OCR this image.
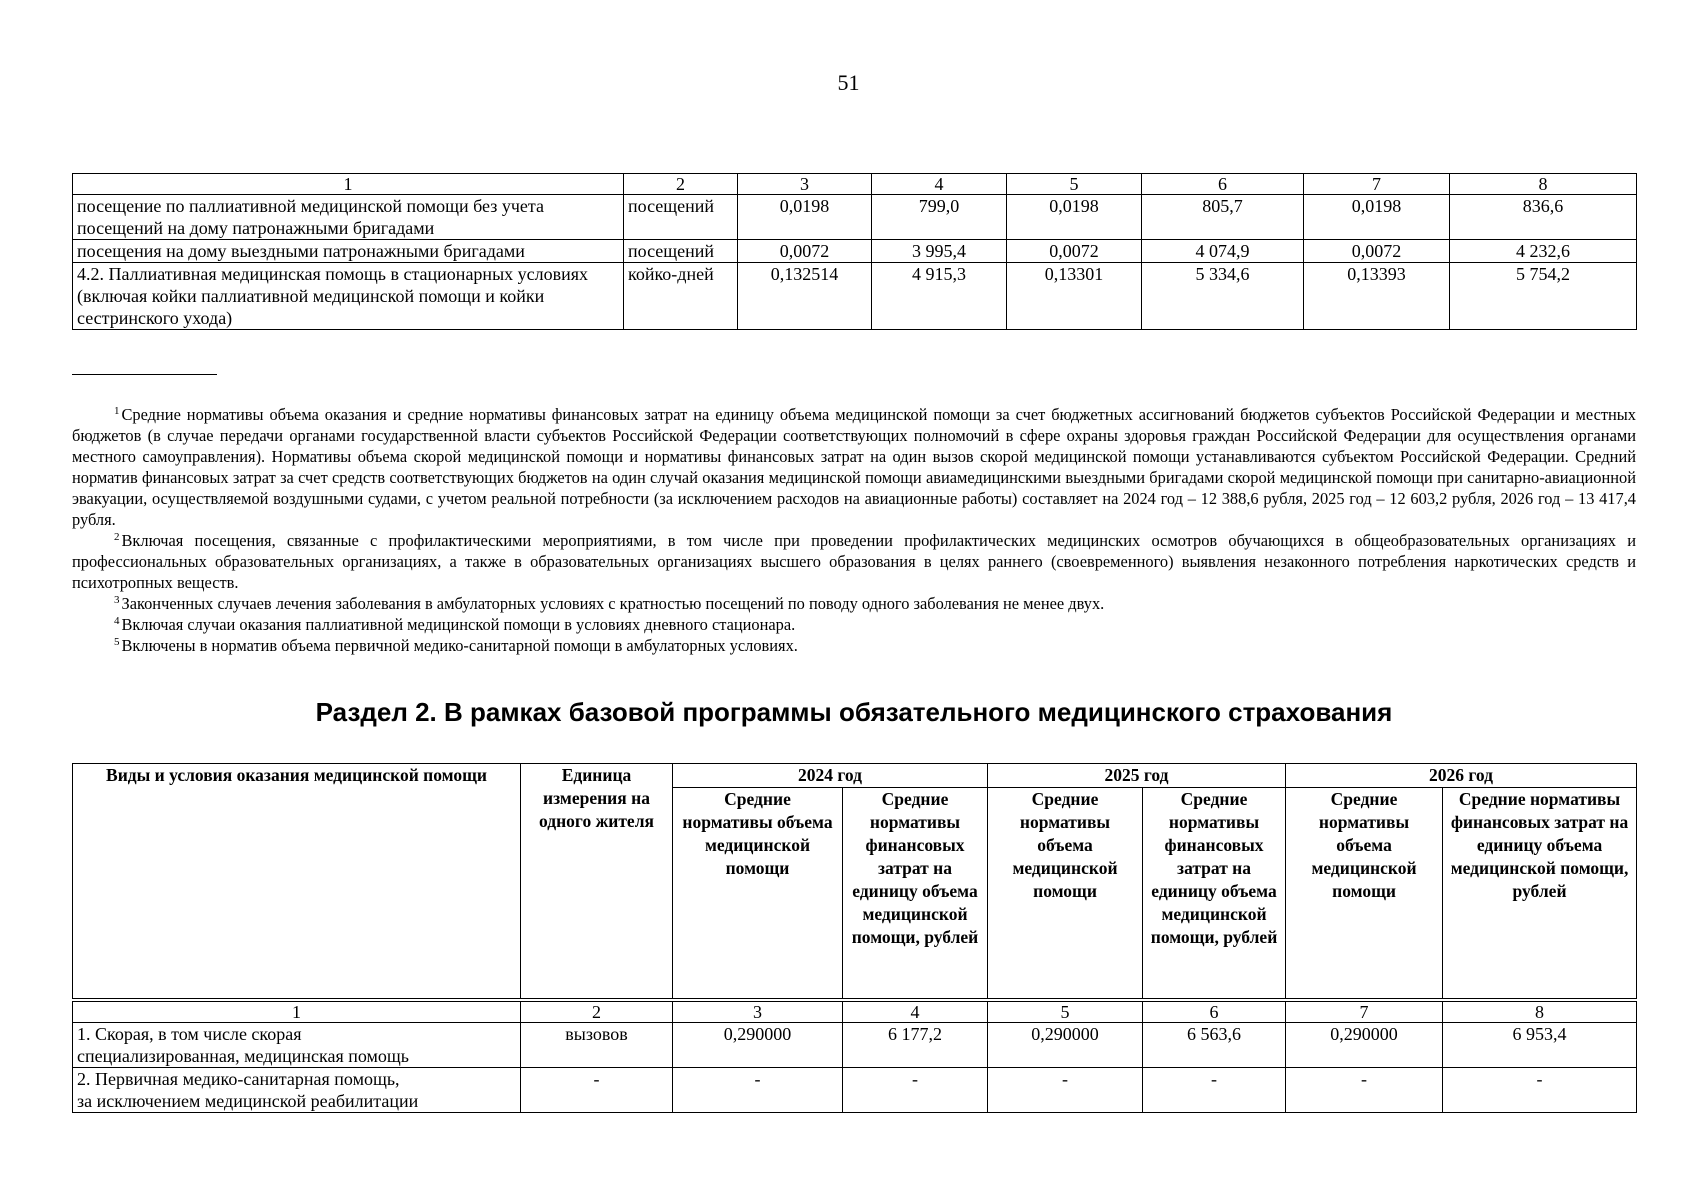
51
1	2	3	4	5	6	7	8
посещение по паллиативной медицинской помощи без учета посещений на дому патронажными бригадами	посещений	0,0198	799,0	0,0198	805,7	0,0198	836,6
посещения на дому выездными патронажными бригадами	посещений	0,0072	3 995,4	0,0072	4 074,9	0,0072	4 232,6
4.2. Паллиативная медицинская помощь в стационарных условиях (включая койки паллиативной медицинской помощи и койки сестринского ухода)	койко-дней	0,132514	4 915,3	0,13301	5 334,6	0,13393	5 754,2

$^1$ Средние нормативы объема оказания и средние нормативы финансовых затрат на единицу объема медицинской помощи за счет бюджетных ассигнований бюджетов субъектов Российской Федерации и местных бюджетов (в случае передачи органами государственной власти субъектов Российской Федерации соответствующих полномочий в сфере охраны здоровья граждан Российской Федерации для осуществления органами местного самоуправления). Нормативы объема скорой медицинской помощи и нормативы финансовых затрат на один вызов скорой медицинской помощи устанавливаются субъектом Российской Федерации. Средний норматив финансовых затрат за счет средств соответствующих бюджетов на один случай оказания медицинской помощи авиамедицинскими выездными бригадами скорой медицинской помощи при санитарно-авиационной эвакуации, осуществляемой воздушными судами, с учетом реальной потребности (за исключением расходов на авиационные работы) составляет на 2024 год – 12 388,6 рубля, 2025 год – 12 603,2 рубля, 2026 год – 13 417,4 рубля.

$^2$ Включая посещения, связанные с профилактическими мероприятиями, в том числе при проведении профилактических медицинских осмотров обучающихся в общеобразовательных организациях и профессиональных образовательных организациях, а также в образовательных организациях высшего образования в целях раннего (своевременного) выявления незаконного потребления наркотических средств и психотропных веществ.

$^3$ Законченных случаев лечения заболевания в амбулаторных условиях с кратностью посещений по поводу одного заболевания не менее двух.

$^4$ Включая случаи оказания паллиативной медицинской помощи в условиях дневного стационара.

$^5$ Включены в норматив объема первичной медико-санитарной помощи в амбулаторных условиях.

Раздел 2. В рамках базовой программы обязательного медицинского страхования
Виды и условия оказания медицинской помощи	Единица измерения на одного жителя	2024 год		2025 год		2026 год	
		Средние нормативы объема медицинской помощи	Средние нормативы финансовых затрат на единицу объема медицинской помощи, рублей	Средние нормативы объема медицинской помощи	Средние нормативы финансовых затрат на единицу объема медицинской помощи, рублей	Средние нормативы объема медицинской помощи	Средние нормативы финансовых затрат на единицу объема медицинской помощи, рублей
1	2	3	4	5	6	7	8
1. Скорая, в том числе скорая
специализированная, медицинская помощь	вызовов	0,290000	6 177,2	0,290000	6 563,6	0,290000	6 953,4
2. Первичная медико-санитарная помощь,
за исключением медицинской реабилитации	-	-	-	-	-	-	-
